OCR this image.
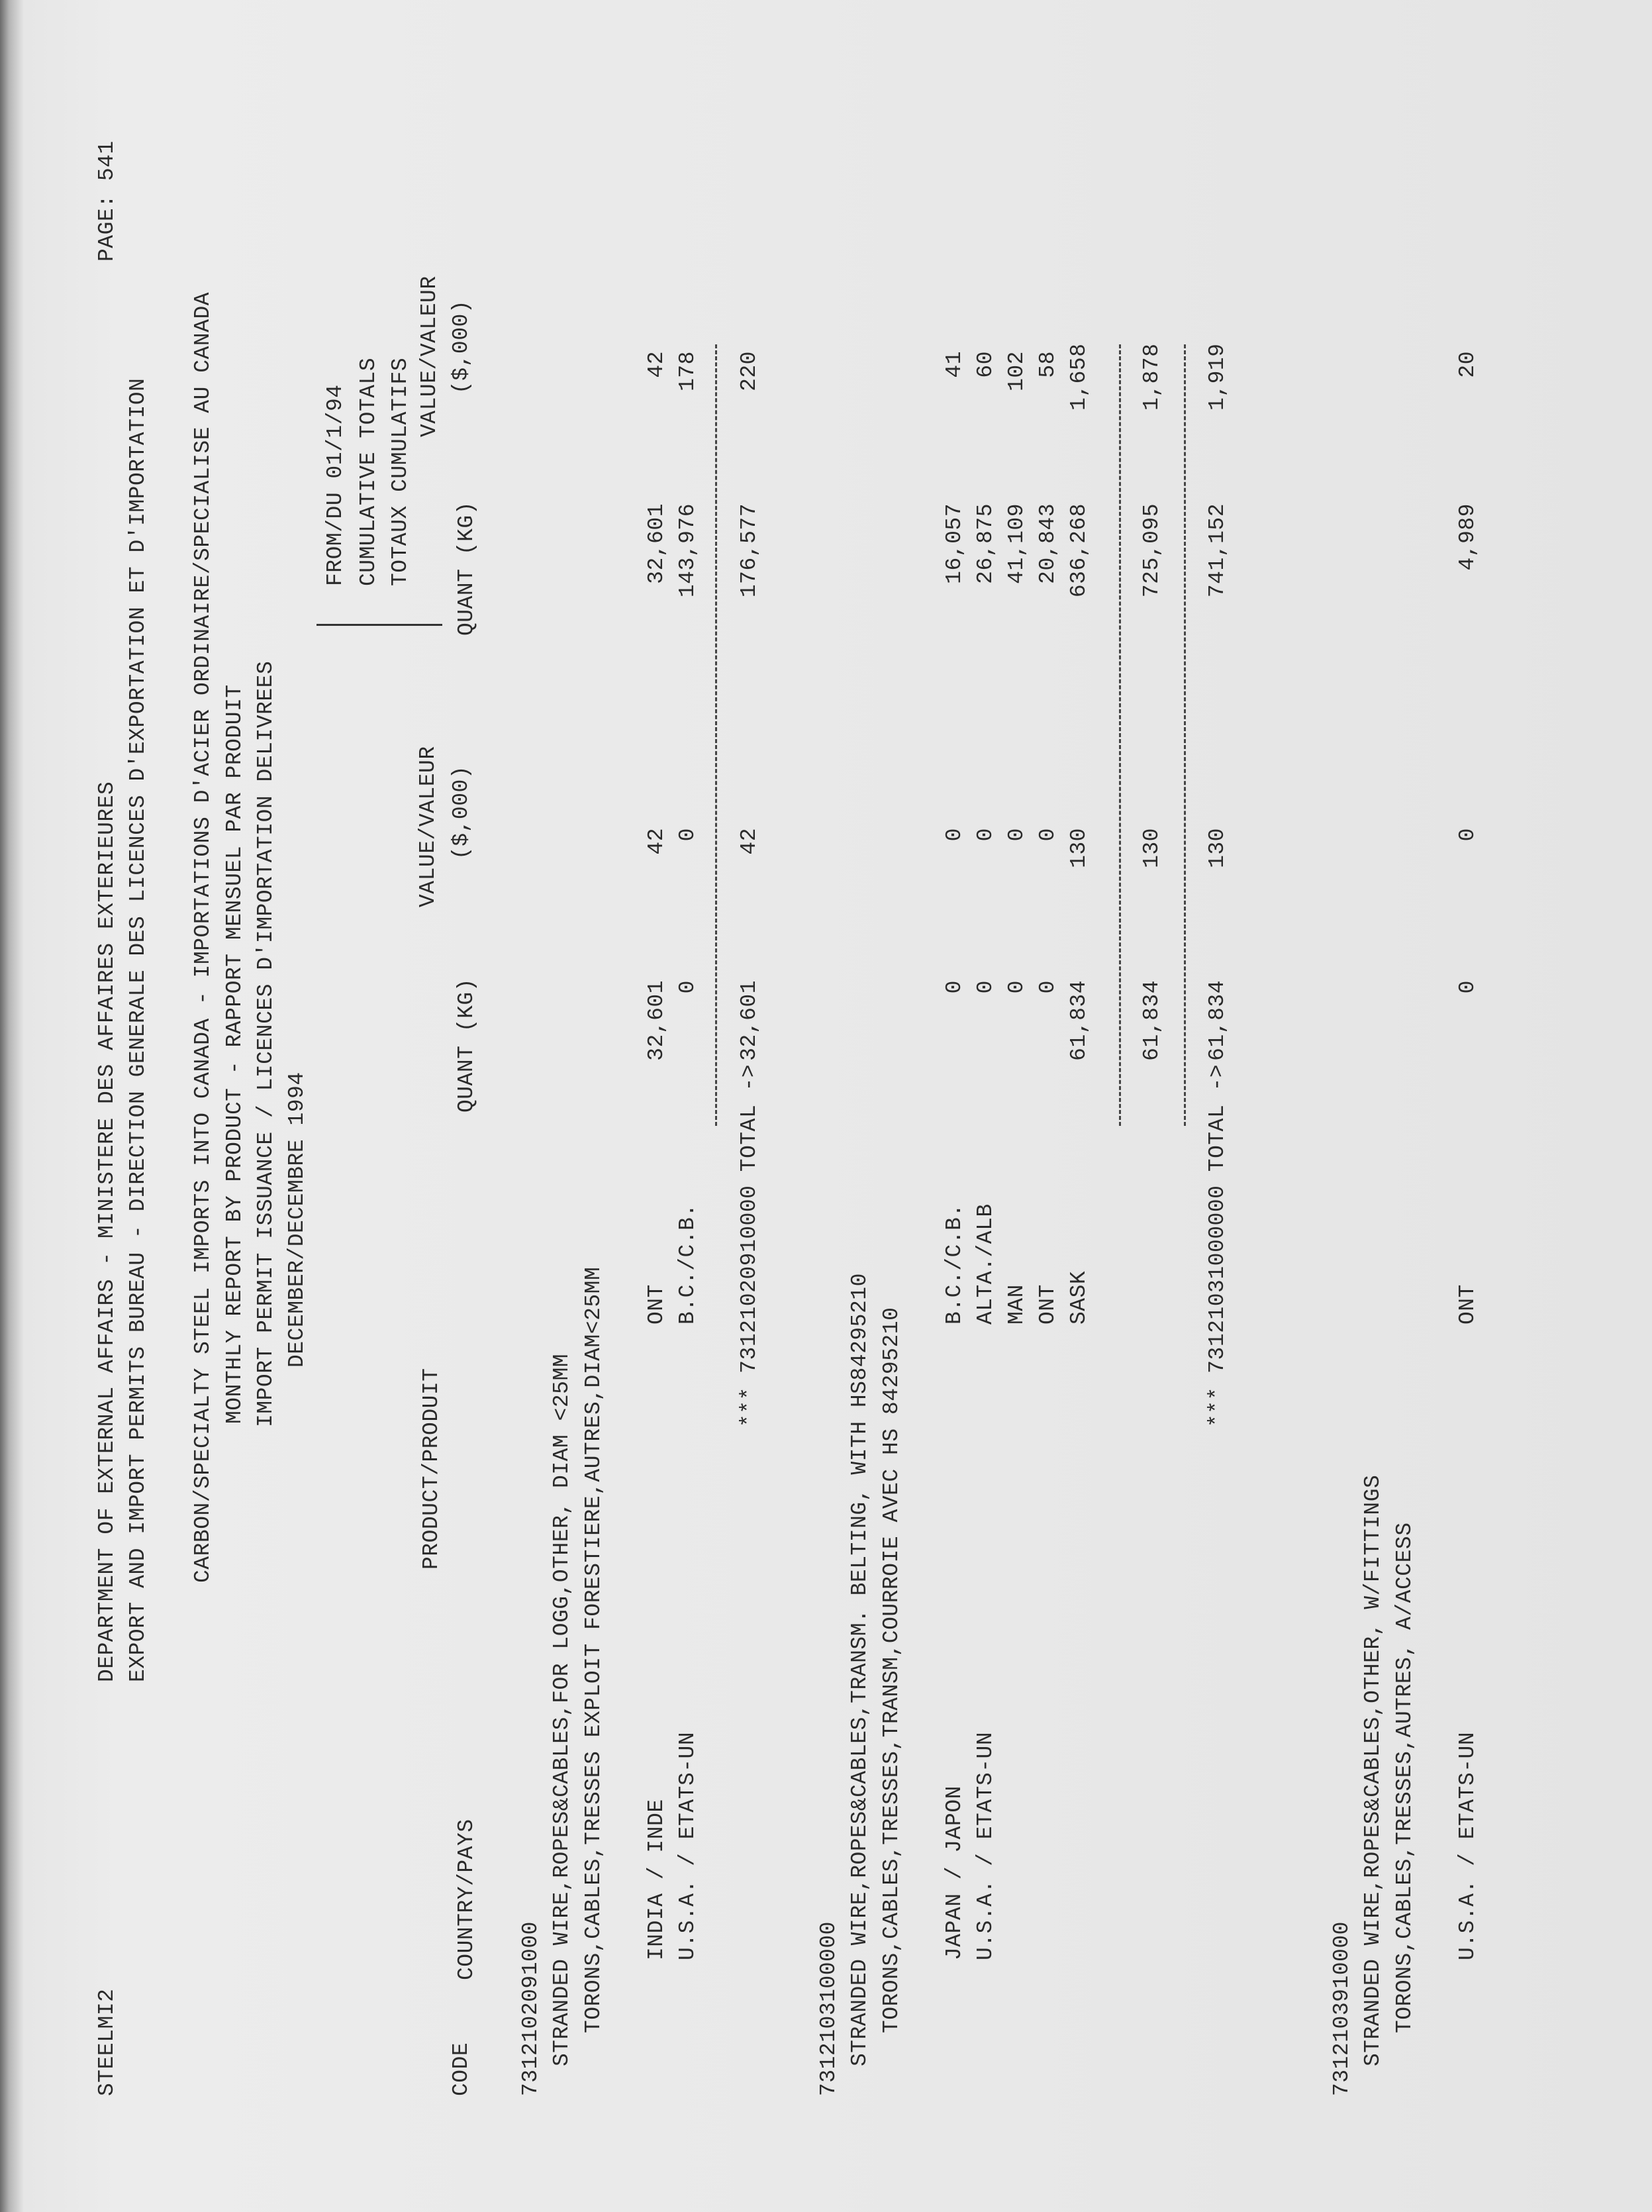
STEELMI2
DEPARTMENT OF EXTERNAL AFFAIRS - MINISTERE DES AFFAIRES EXTERIEURES
PAGE: 541
EXPORT AND IMPORT PERMITS BUREAU - DIRECTION GENERALE DES LICENCES D'EXPORTATION ET D'IMPORTATION CARBON/SPECIALTY STEEL IMPORTS INTO CANADA - IMPORTATIONS D'ACIER ORDINAIRE/SPECIALISE AU CANADA MONTHLY REPORT BY PRODUCT - RAPPORT MENSUEL PAR PRODUIT IMPORT PERMIT ISSUANCE / LICENCES D'IMPORTATION DELIVREES DECEMBER/DECEMBRE 1994
FROM/DU 01/1/94 CUMULATIVE TOTALS TOTAUX CUMULATIFS
VALUE/VALEUR
VALUE/VALEUR
CODE
PRODUCT/PRODUIT
COUNTRY/PAYS
QUANT (KG)
($,000)
QUANT (KG)
($,000)
7312102091000 STRANDED WIRE,ROPES&CABLES,FOR LOGG,OTHER, DIAM <25MM TORONS,CABLES,TRESSES EXPLOIT FORESTIERE,AUTRES,DIAM<25MM INDIA / INDE
ONT
32,601
42
32,601
42
U.S.A. / ETATS-UN
B.C./C.B.
0
0
143,976
178
*** 73121020910000 TOTAL ->
32,601
42
176,577
220
7312103100000 STRANDED WIRE,ROPES&CABLES,TRANSM. BELTING, WITH HS84295210 TORONS,CABLES,TRESSES,TRANSM,COURROIE AVEC HS 84295210 JAPAN / JAPON
B.C./C.B.
0
0
16,057
41
U.S.A. / ETATS-UN
ALTA./ALB
0
0
26,875
60
MAN
0
0
41,109
102
ONT
0
0
20,843
58
SASK
61,834
130
636,268
1,658
61,834
130
725,095
1,878
*** 73121031000000 TOTAL ->
61,834
130
741,152
1,919
7312103910000 STRANDED WIRE,ROPES&CABLES,OTHER, W/FITTINGS TORONS,CABLES,TRESSES,AUTRES, A/ACCESS U.S.A. / ETATS-UN
ONT
0
0
4,989
20
